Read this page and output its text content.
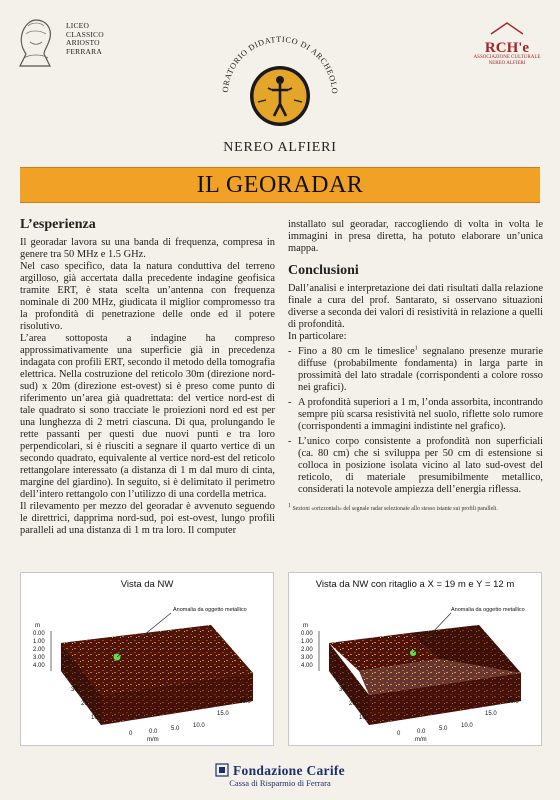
LICEO
CLASSICO
ARIOSTO
FERRARA
ORATORIO DIDATTICO DI ARCHEOLO
NEREO ALFIERI
RCH'e
ASSOCIAZIONE CULTURALE
NEREO ALFIERI
IL GEORADAR
L’esperienza

Il georadar lavora su una banda di frequenza, compresa in genere tra 50 MHz e 1.5 GHz.

Nel caso specifico, data la natura conduttiva del terreno argilloso, già accertata dalla precedente indagine geofisica tramite ERT, è stata scelta un’antenna con frequenza nominale di 200 MHz, giudicata il miglior compromesso tra la profondità di penetrazione delle onde ed il potere risolutivo.

L’area sottoposta a indagine ha compreso approssimativamente una superficie già in precedenza indagata con profili ERT, secondo il metodo della tomografia elettrica. Nella costruzione del reticolo 30m (direzione nord-sud) x 20m (direzione est-ovest) si è preso come punto di riferimento un’area già quadrettata: del vertice nord-est di tale quadrato si sono tracciate le proiezioni nord ed est per una lunghezza di 2 metri ciascuna. Di qua, prolungando le rette passanti per questi due nuovi punti e tra loro perpendicolari, si è riusciti a segnare il quarto vertice di un secondo quadrato, equivalente al vertice nord-est del reticolo rettangolare interessato (a distanza di 1 m dal muro di cinta, margine del giardino). In seguito, si è delimitato il perimetro dell’intero rettangolo con l’utilizzo di una cordella metrica.

Il rilevamento per mezzo del georadar è avvenuto seguendo le direttrici, dapprima nord-sud, poi est-ovest, lungo profili paralleli ad una distanza di 1 m tra loro. Il computer

installato sul georadar, raccogliendo di volta in volta le immagini in presa diretta, ha potuto elaborare un’unica mappa.

Conclusioni

Dall’analisi e interpretazione dei dati risultati dalla relazione finale a cura del prof. Santarato, si osservano situazioni diverse a seconda dei valori di resistività in relazione a quelli di profondità.

In particolare:

- Fino a 80 cm le timeslice$^1$ segnalano presenze murarie diffuse (probabilmente fondamenta) in larga parte in prossimità del lato stradale (corrispondenti a colore rosso nei grafici).
- A profondità superiori a 1 m, l’onda assorbita, incontrando sempre più scarsa resistività nel suolo, riflette solo rumore (corrispondenti a immagini indistinte nel grafico).
- L’unico corpo consistente a profondità non superficiali (ca. 80 cm) che si sviluppa per 50 cm di estensione si colloca in posizione isolata vicino al lato sud-ovest del reticolo, di materiale presumibilmente metallico, considerati la notevole ampiezza dell’energia riflessa.
$^1$ Sezioni «orizzontali» del segnale radar selezionate allo stesso istante sui profili paralleli.
Vista da NW
m
0.00
1.00
2.00
3.00
4.00
30
20
10
0	0.0 5.0 10.0
15.0
20.0
m/m
Anomalia da oggetto metallico
Vista da NW con ritaglio a X = 19 m e Y = 12 m
m
0.00
1.00
2.00
3.00
4.00
30
20
10
0	0.0 5.0 10.0
15.0
20.0
m/m
Anomalia da oggetto metallico
Fondazione Carife
Cassa di Risparmio di Ferrara
